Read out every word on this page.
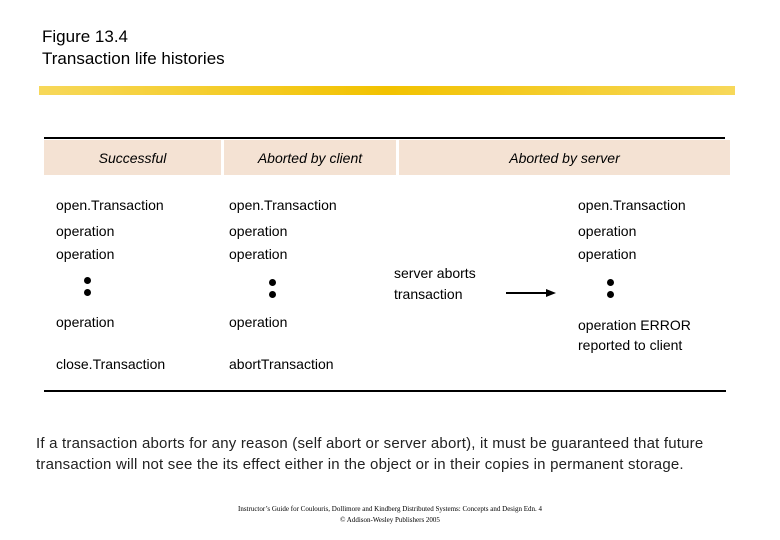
Figure 13.4
Transaction life histories
Successful	Aborted by client	Aborted by server
open.Transaction
operation
operation
operation
close.Transaction
open.Transaction
operation
operation
operation
abortTransaction
server aborts
transaction
open.Transaction
operation
operation
operation ERROR
reported to client
If a transaction aborts for any reason (self abort or server abort), it must be guaranteed that future transaction will not see the its effect either in the object or in their copies in permanent storage.
Instructor’s Guide for Coulouris, Dollimore and Kindberg Distributed Systems: Concepts and Design Edn. 4
© Addison-Wesley Publishers 2005
